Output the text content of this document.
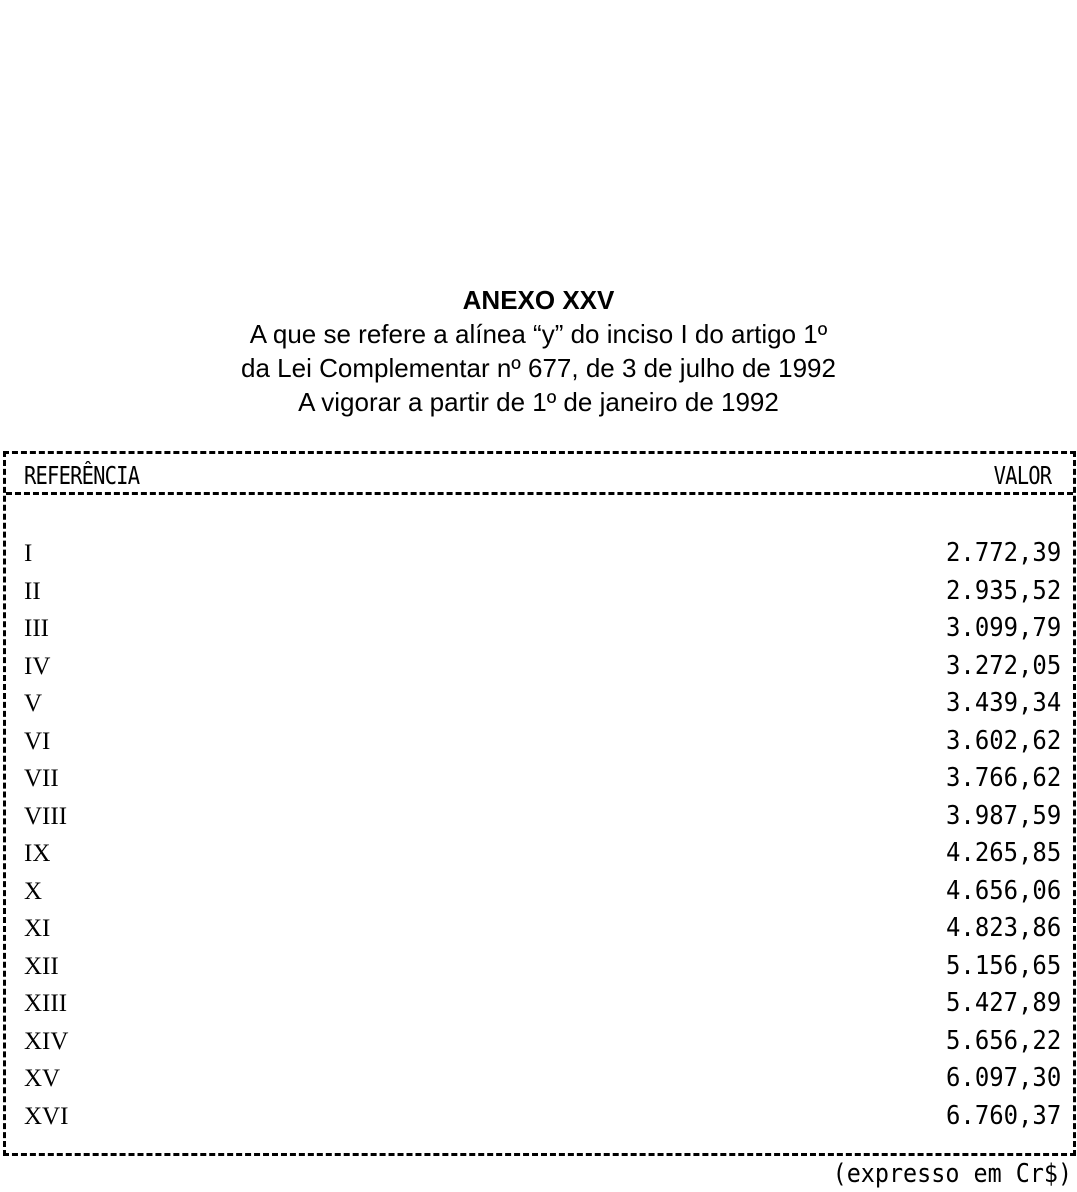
ANEXO XXV
A que se refere a alínea “y” do inciso I do artigo 1º
da Lei Complementar nº 677, de 3 de julho de 1992
A vigorar a partir de 1º de janeiro de 1992
REFERÊNCIA	VALOR
I	2.772,39
II	2.935,52
III	3.099,79
IV	3.272,05
V	3.439,34
VI	3.602,62
VII	3.766,62
VIII	3.987,59
IX	4.265,85
X	4.656,06
XI	4.823,86
XII	5.156,65
XIII	5.427,89
XIV	5.656,22
XV	6.097,30
XVI	6.760,37
(expresso em Cr$)
